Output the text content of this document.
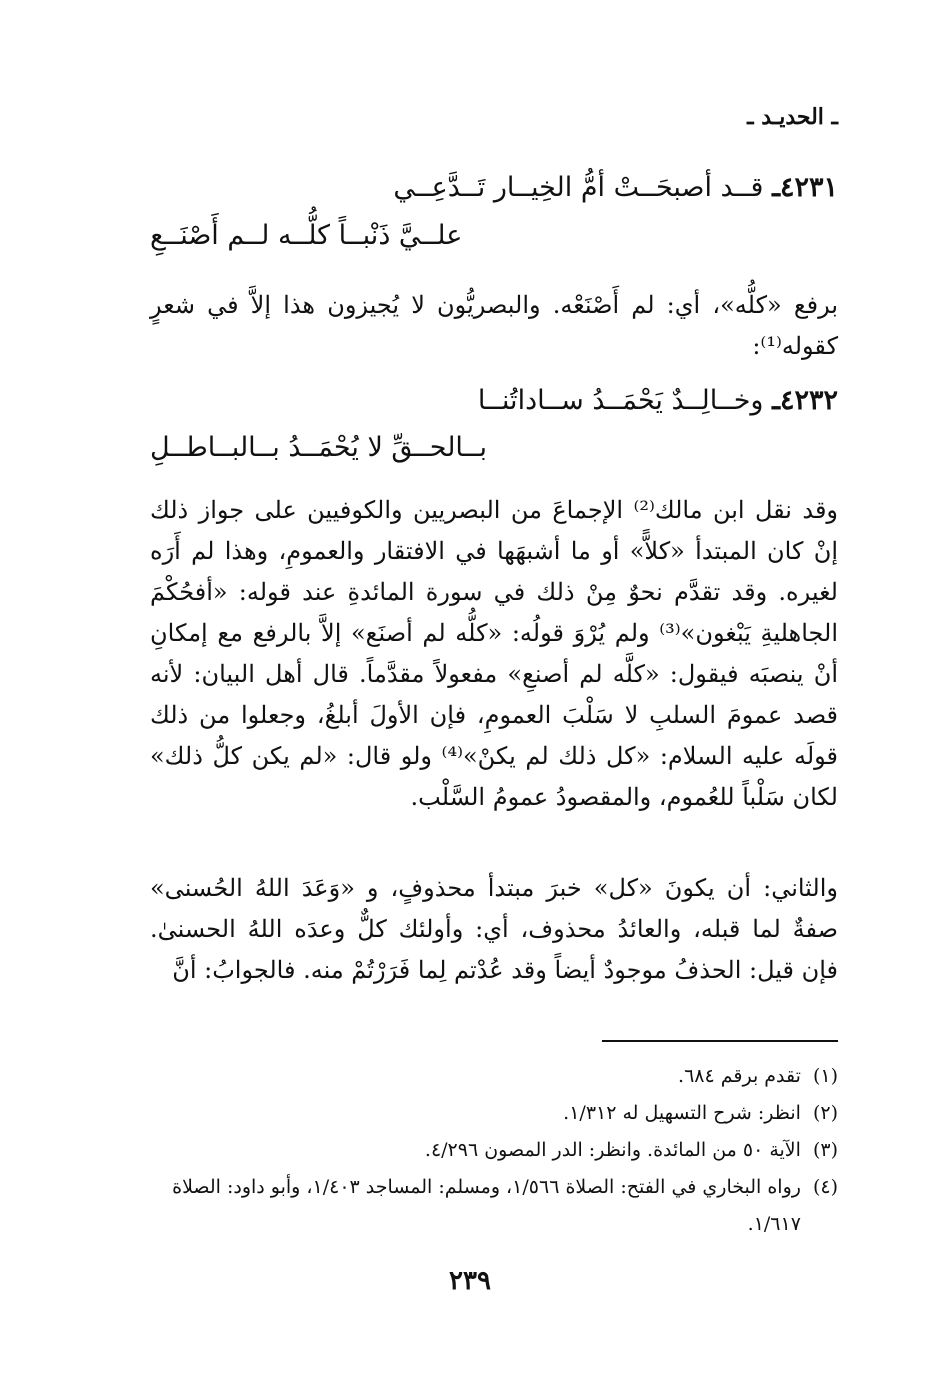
ـ الحديـد ـ
٤٢٣١ـ قــد أصبحَــتْ أمُّ الخِيــار تَــدَّعِــي
علــيَّ ذَنْبــاً كلُّــه لــم أَصْنَــعِ

برفع «كلُّه»، أي: لم أَصْنَعْه. والبصريُّون لا يُجيزون هذا إلاَّ في شعرٍ كقوله⁽¹⁾:

٤٢٣٢ـ وخــالِــدٌ يَحْمَــدُ ســاداتُنــا
بــالحــقِّ لا يُحْمَــدُ بــالبــاطــلِ

وقد نقل ابن مالك⁽²⁾ الإجماعَ من البصريين والكوفيين على جواز ذلك إنْ كان المبتدأ «كلاًّ» أو ما أشبهَها في الافتقار والعمومِ، وهذا لم أَرَه لغيره. وقد تقدَّم نحوٌ مِنْ ذلك في سورة المائدةِ عند قوله: «أفحُكْمَ الجاهليةِ يَبْغون»⁽³⁾ ولم يُرْوَ قولُه: «كلُّه لم أصنَع» إلاَّ بالرفع مع إمكانِ أنْ ينصبَه فيقول: «كلَّه لم أصنعِ» مفعولاً مقدَّماً. قال أهل البيان: لأنه قصد عمومَ السلبِ لا سَلْبَ العمومِ، فإن الأولَ أبلغُ، وجعلوا من ذلك قولَه عليه السلام: «كل ذلك لم يكنْ»⁽⁴⁾ ولو قال: «لم يكن كلُّ ذلك» لكان سَلْباً للعُموم، والمقصودُ عمومُ السَّلْب.

والثاني: أن يكونَ «كل» خبرَ مبتدأ محذوفٍ، و «وَعَدَ اللهُ الحُسنى» صفةٌ لما قبله، والعائدُ محذوف، أي: وأولئك كلٌّ وعدَه اللهُ الحسنىٰ. فإن قيل: الحذفُ موجودٌ أيضاً وقد عُدْتم لِما فَرَرْتُمْ منه. فالجوابُ: أنَّ

(١)
تقدم برقم ٦٨٤.
(٢)
انظر: شرح التسهيل له ١/٣١٢.
(٣)
الآية ٥٠ من المائدة. وانظر: الدر المصون ٤/٢٩٦.
(٤)
رواه البخاري في الفتح: الصلاة ١/٥٦٦، ومسلم: المساجد ١/٤٠٣، وأبو داود: الصلاة ١/٦١٧.
٢٣٩
